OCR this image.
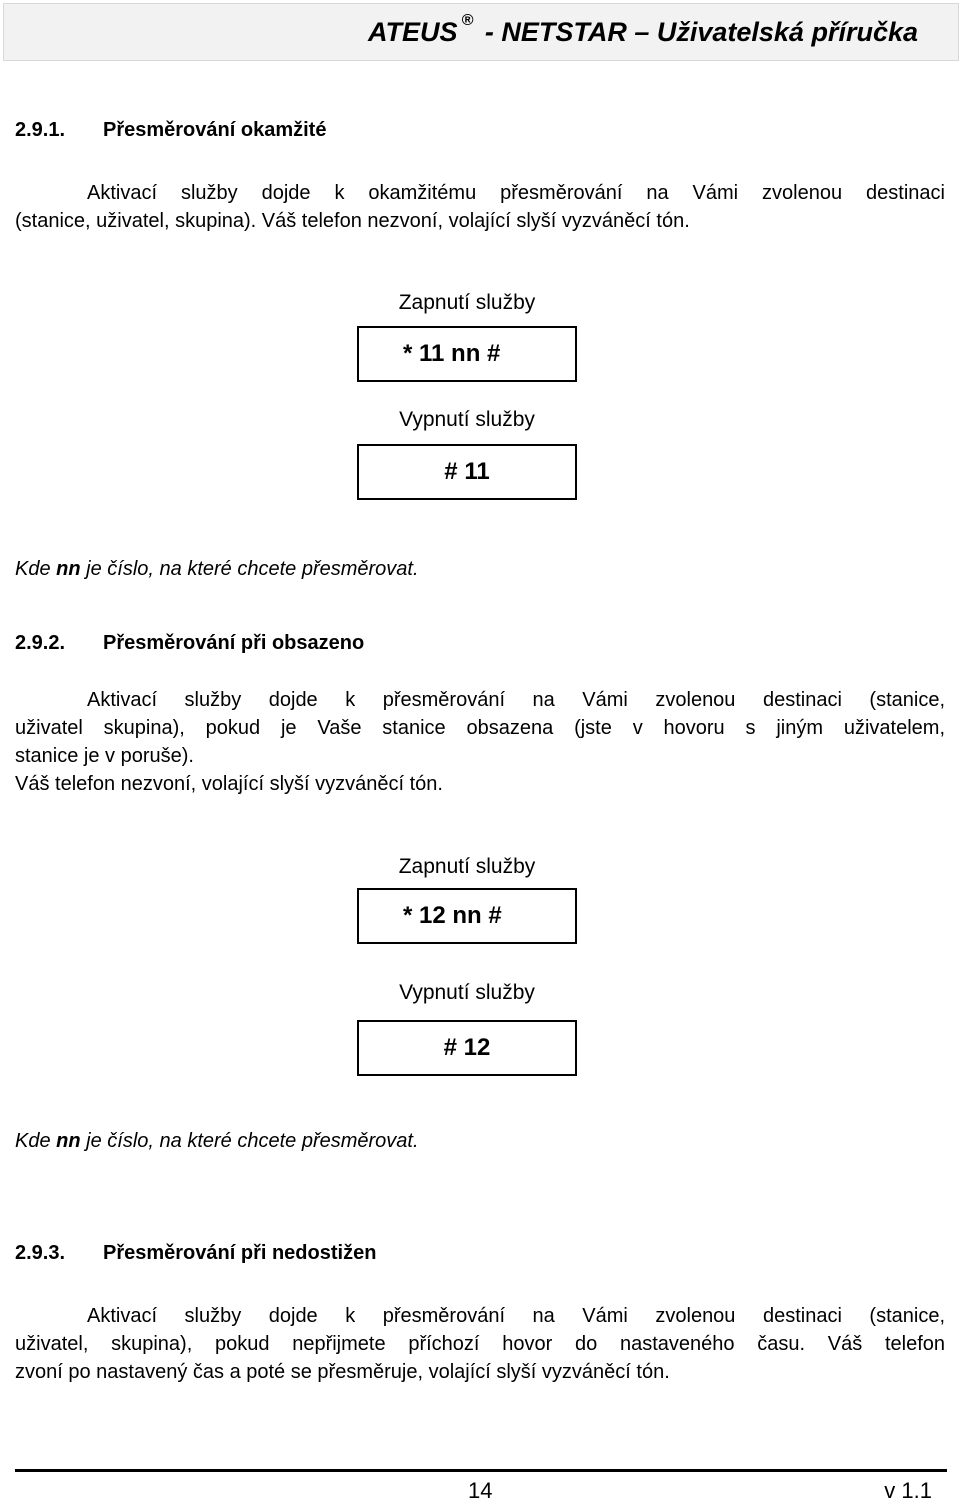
ATEUS ® - NETSTAR – Uživatelská příručka
2.9.1. Přesměrování okamžité
Aktivací služby dojde k okamžitému přesměrování na Vámi zvolenou destinaci
(stanice, uživatel, skupina). Váš telefon nezvoní, volající slyší vyzváněcí tón.
Zapnutí služby
* 11 nn #
Vypnutí služby
# 11
Kde nn je číslo, na které chcete přesměrovat.
2.9.2. Přesměrování při obsazeno
Aktivací služby dojde k přesměrování na Vámi zvolenou destinaci (stanice,
uživatel skupina), pokud je Vaše stanice obsazena (jste v hovoru s jiným uživatelem,
stanice je v poruše).
Váš telefon nezvoní, volající slyší vyzváněcí tón.
Zapnutí služby
* 12 nn #
Vypnutí služby
# 12
Kde nn je číslo, na které chcete přesměrovat.
2.9.3. Přesměrování při nedostižen
Aktivací služby dojde k přesměrování na Vámi zvolenou destinaci (stanice,
uživatel, skupina), pokud nepřijmete příchozí hovor do nastaveného času. Váš telefon
zvoní po nastavený čas a poté se přesměruje, volající slyší vyzváněcí tón.
14	v 1.1
